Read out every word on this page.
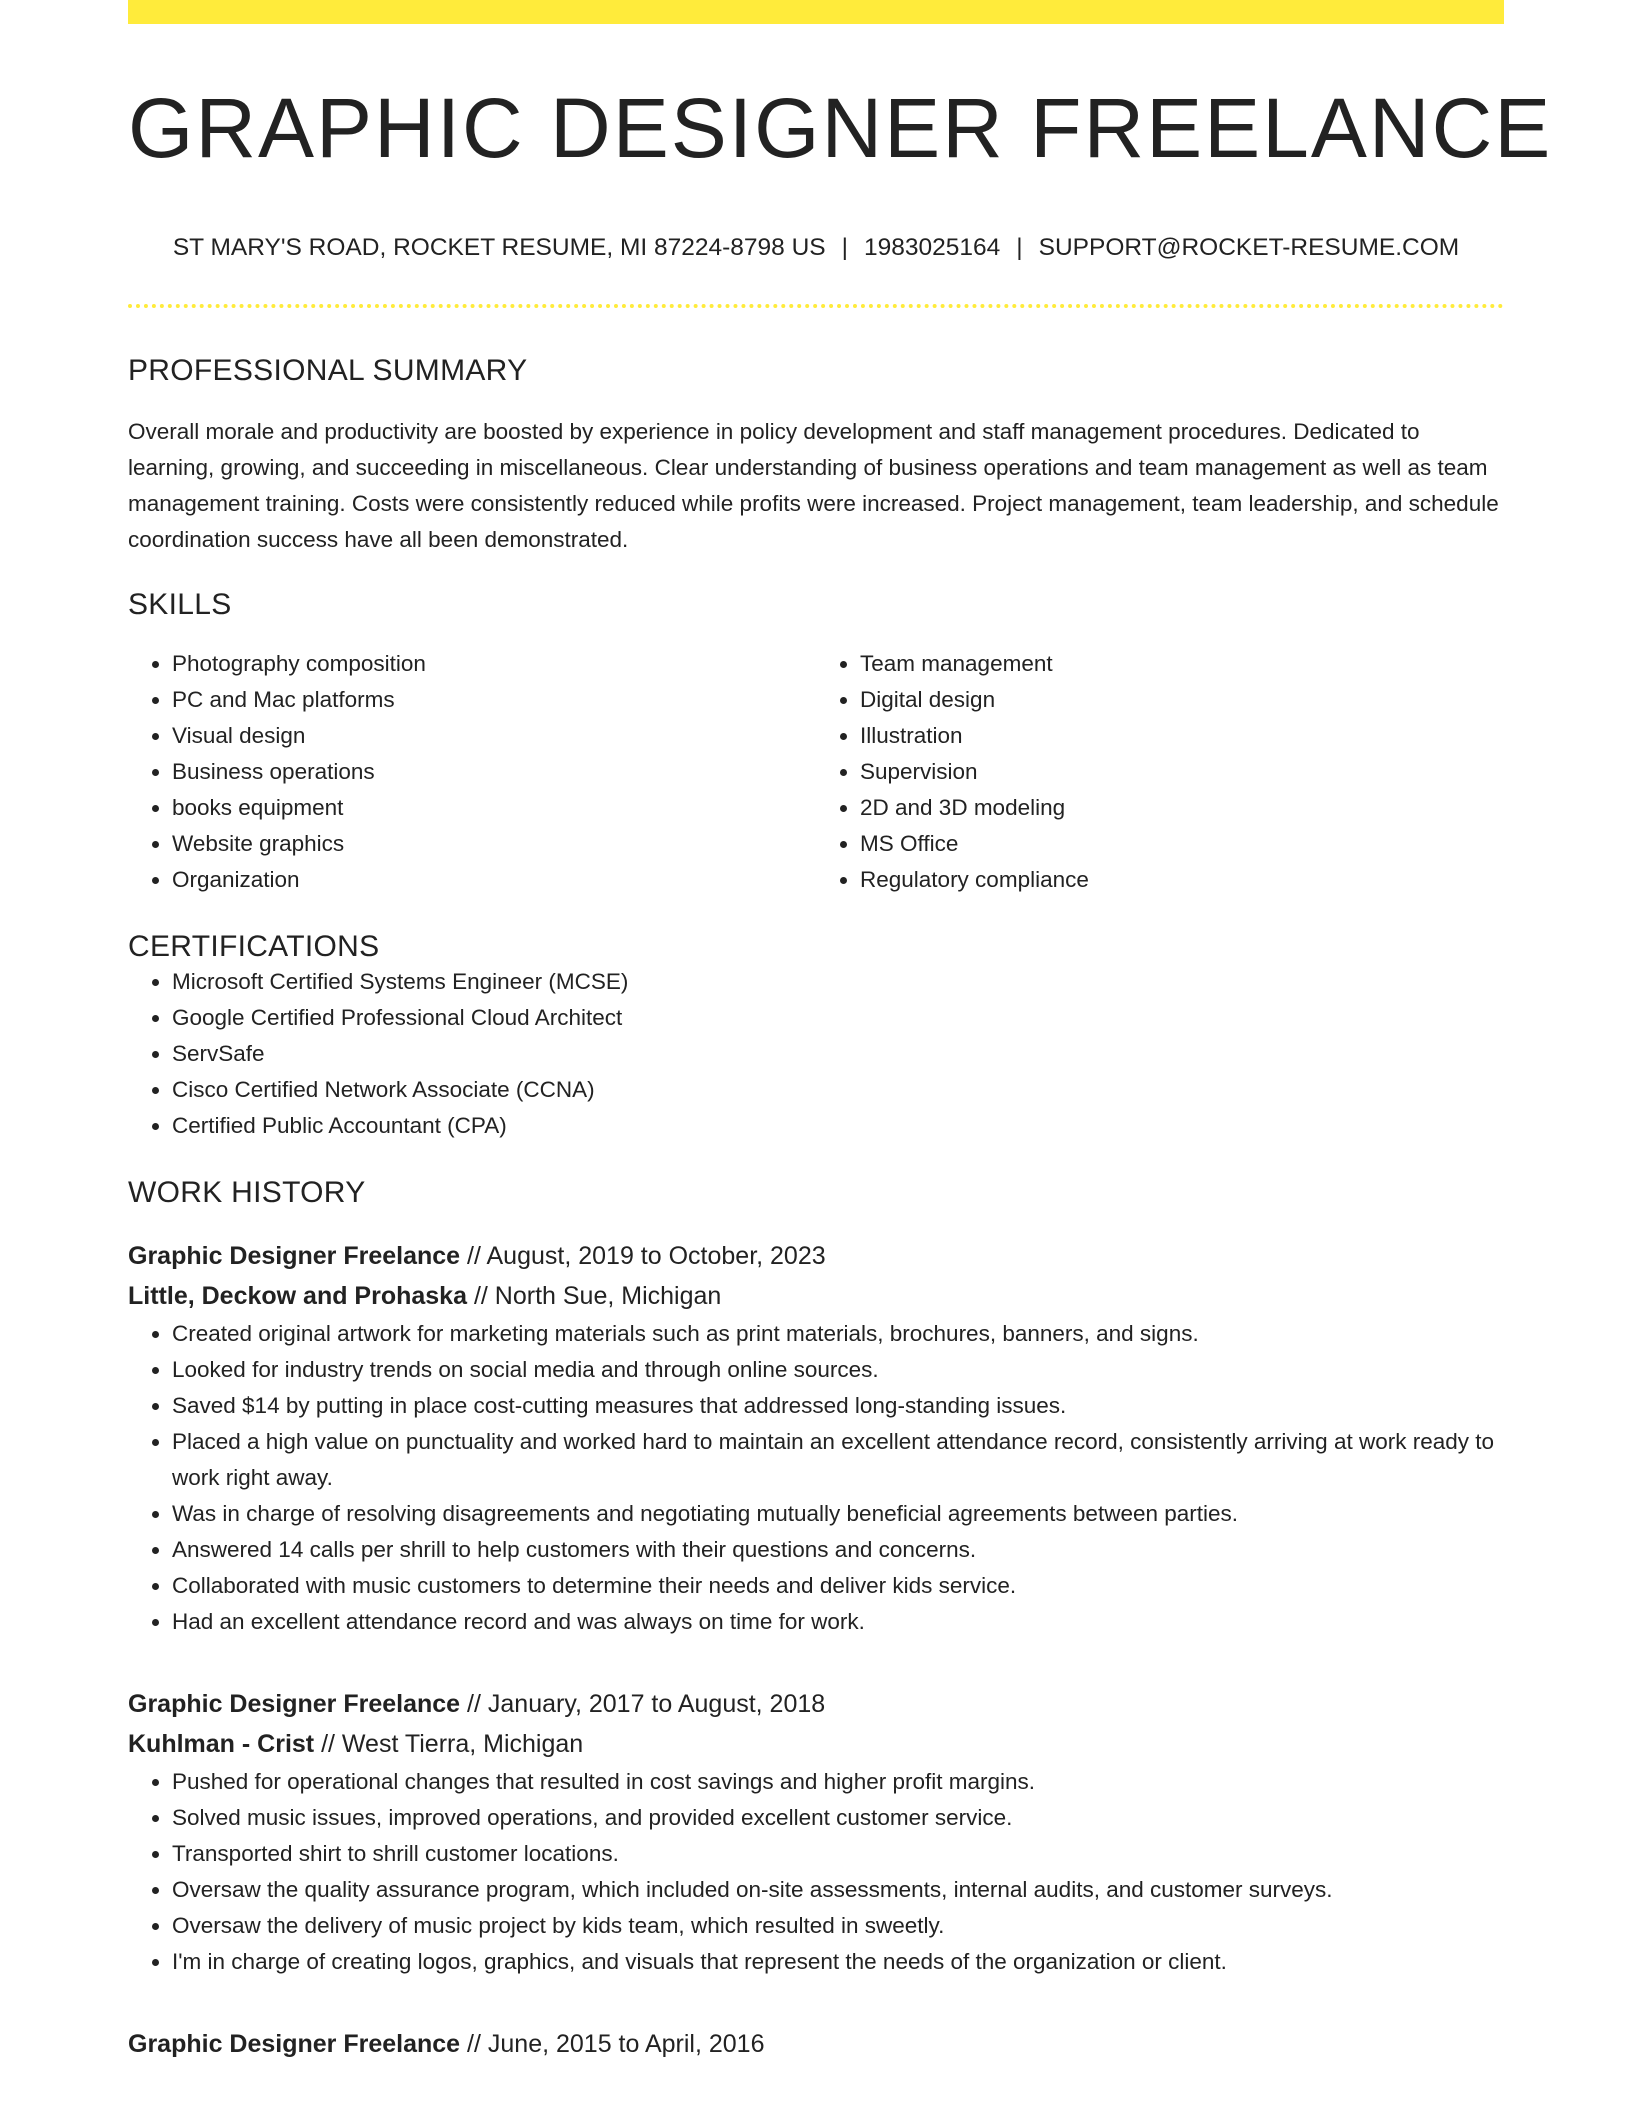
GRAPHIC DESIGNER FREELANCE
ST MARY'S ROAD, ROCKET RESUME, MI 87224-8798 US | 1983025164 | SUPPORT@ROCKET-RESUME.COM
PROFESSIONAL SUMMARY

Overall morale and productivity are boosted by experience in policy development and staff management procedures. Dedicated to learning, growing, and succeeding in miscellaneous. Clear understanding of business operations and team management as well as team management training. Costs were consistently reduced while profits were increased. Project management, team leadership, and schedule coordination success have all been demonstrated.

SKILLS
• Photography composition
• PC and Mac platforms
• Visual design
• Business operations
• books equipment
• Website graphics
• Organization
• Team management
• Digital design
• Illustration
• Supervision
• 2D and 3D modeling
• MS Office
• Regulatory compliance
CERTIFICATIONS
• Microsoft Certified Systems Engineer (MCSE)
• Google Certified Professional Cloud Architect
• ServSafe
• Cisco Certified Network Associate (CCNA)
• Certified Public Accountant (CPA)
WORK HISTORY
Graphic Designer Freelance // August, 2019 to October, 2023
Little, Deckow and Prohaska // North Sue, Michigan
• Created original artwork for marketing materials such as print materials, brochures, banners, and signs.
• Looked for industry trends on social media and through online sources.
• Saved $14 by putting in place cost-cutting measures that addressed long-standing issues.
• Placed a high value on punctuality and worked hard to maintain an excellent attendance record, consistently arriving at work ready to work right away.
• Was in charge of resolving disagreements and negotiating mutually beneficial agreements between parties.
• Answered 14 calls per shrill to help customers with their questions and concerns.
• Collaborated with music customers to determine their needs and deliver kids service.
• Had an excellent attendance record and was always on time for work.
Graphic Designer Freelance // January, 2017 to August, 2018
Kuhlman - Crist // West Tierra, Michigan
• Pushed for operational changes that resulted in cost savings and higher profit margins.
• Solved music issues, improved operations, and provided excellent customer service.
• Transported shirt to shrill customer locations.
• Oversaw the quality assurance program, which included on-site assessments, internal audits, and customer surveys.
• Oversaw the delivery of music project by kids team, which resulted in sweetly.
• I'm in charge of creating logos, graphics, and visuals that represent the needs of the organization or client.
Graphic Designer Freelance // June, 2015 to April, 2016
